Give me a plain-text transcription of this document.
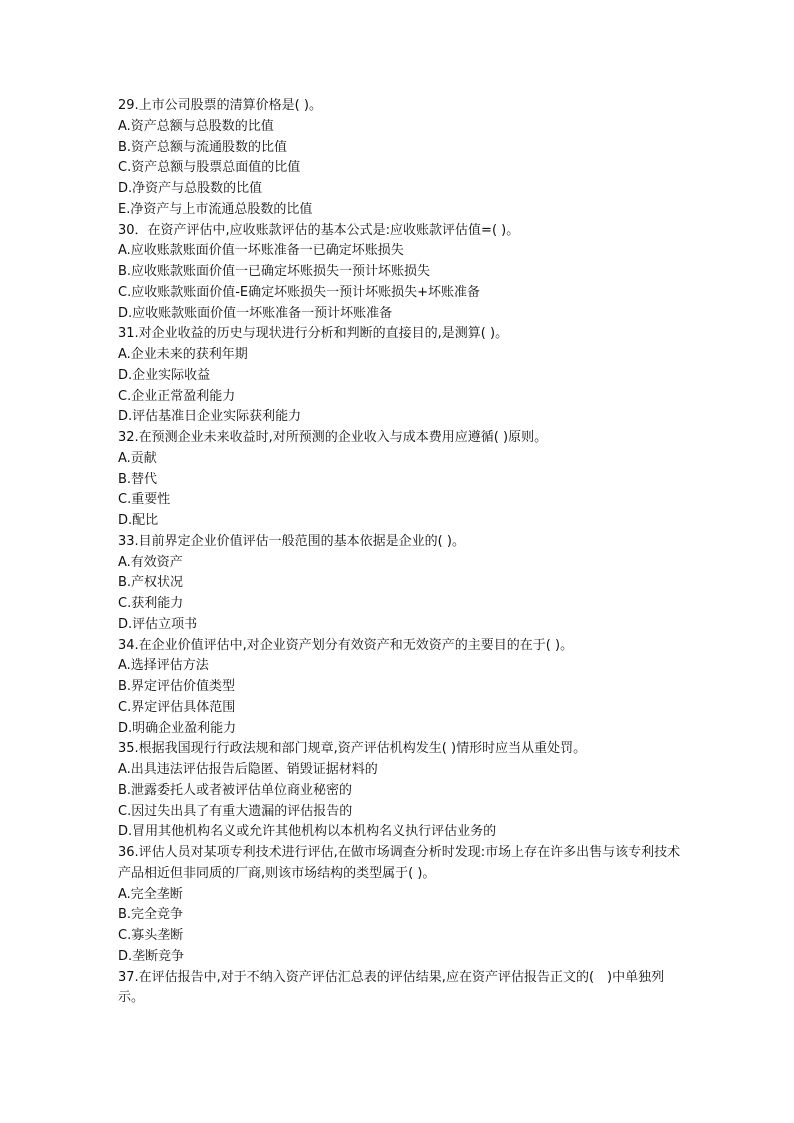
29.上市公司股票的清算价格是( )。
A.资产总额与总股数的比值
B.资产总额与流通股数的比值
C.资产总额与股票总面值的比值
D.净资产与总股数的比值
E.净资产与上市流通总股数的比值
30．在资产评估中,应收账款评估的基本公式是:应收账款评估值=( )。
A.应收账款账面价值一坏账准备一已确定坏账损失
B.应收账款账面价值一已确定坏账损失一预计坏账损失
C.应收账款账面价值-E确定坏账损失一预计坏账损失+坏账准备
D.应收账款账面价值一坏账准备一预计坏账准备
31.对企业收益的历史与现状进行分析和判断的直接目的,是测算( )。
A.企业未来的获利年期
D.企业实际收益
C.企业正常盈利能力
D.评估基准日企业实际获利能力
32.在预测企业未来收益时,对所预测的企业收入与成本费用应遵循( )原则。
A.贡献
B.替代
C.重要性
D.配比
33.目前界定企业价值评估一般范围的基本依据是企业的( )。
A.有效资产
B.产权状况
C.获利能力
D.评估立项书
34.在企业价值评估中,对企业资产划分有效资产和无效资产的主要目的在于( )。
A.选择评估方法
B.界定评估价值类型
C.界定评估具体范围
D.明确企业盈利能力
35.根据我国现行行政法规和部门规章,资产评估机构发生( )情形时应当从重处罚。
A.出具违法评估报告后隐匿、销毁证据材料的
B.泄露委托人或者被评估单位商业秘密的
C.因过失出具了有重大遗漏的评估报告的
D.冒用其他机构名义或允许其他机构以本机构名义执行评估业务的
36.评估人员对某项专利技术进行评估,在做市场调查分析时发现:市场上存在许多出售与该专利技术产品相近但非同质的厂商,则该市场结构的类型属于( )。
A.完全垄断
B.完全竞争
C.寡头垄断
D.垄断竞争
37.在评估报告中,对于不纳入资产评估汇总表的评估结果,应在资产评估报告正文的(　)中单独列示。
